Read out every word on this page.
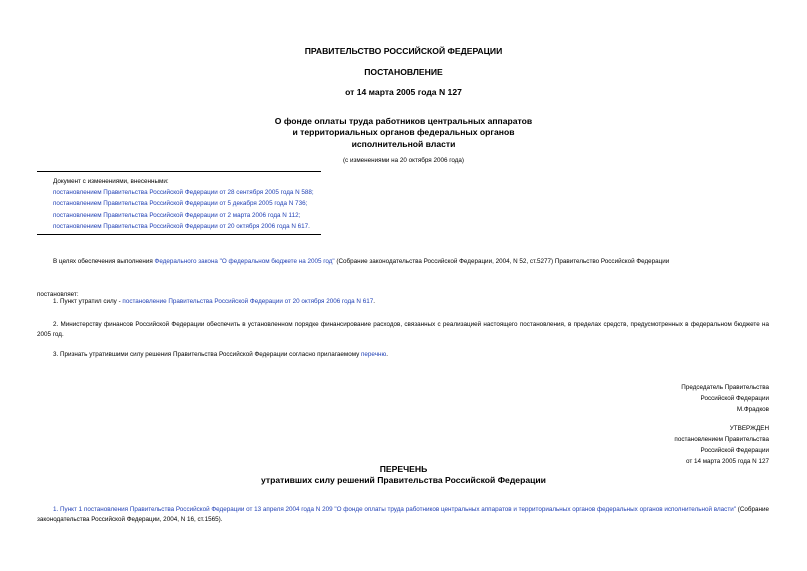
ПРАВИТЕЛЬСТВО РОССИЙСКОЙ ФЕДЕРАЦИИ
ПОСТАНОВЛЕНИЕ
от 14 марта 2005 года N 127
О фонде оплаты труда работников центральных аппаратов
и территориальных органов федеральных органов
исполнительной власти
(с изменениями на 20 октября 2006 года)
Документ с изменениями, внесенными:
постановлением Правительства Российской Федерации от 28 сентября 2005 года N 588;
постановлением Правительства Российской Федерации от 5 декабря 2005 года N 736;
постановлением Правительства Российской Федерации от 2 марта 2006 года N 112;
постановлением Правительства Российской Федерации от 20 октября 2006 года N 617.
В целях обеспечения выполнения Федерального закона "О федеральном бюджете на 2005 год" (Собрание законодательства Российской Федерации, 2004, N 52, ст.5277) Правительство Российской Федерации
постановляет:
1. Пункт утратил силу - постановление Правительства Российской Федерации от 20 октября 2006 года N 617.
2. Министерству финансов Российской Федерации обеспечить в установленном порядке финансирование расходов, связанных с реализацией настоящего постановления, в пределах средств, предусмотренных в федеральном бюджете на 2005 год.
3. Признать утратившими силу решения Правительства Российской Федерации согласно прилагаемому перечню.
Председатель Правительства
Российской Федерации
М.Фрадков
УТВЕРЖДЕН
постановлением Правительства
Российской Федерации
от 14 марта 2005 года N 127
ПЕРЕЧЕНЬ
утративших силу решений Правительства Российской Федерации
1. Пункт 1 постановления Правительства Российской Федерации от 13 апреля 2004 года N 209 "О фонде оплаты труда работников центральных аппаратов и территориальных органов федеральных органов исполнительной власти" (Собрание законодательства Российской Федерации, 2004, N 16, ст.1565).
